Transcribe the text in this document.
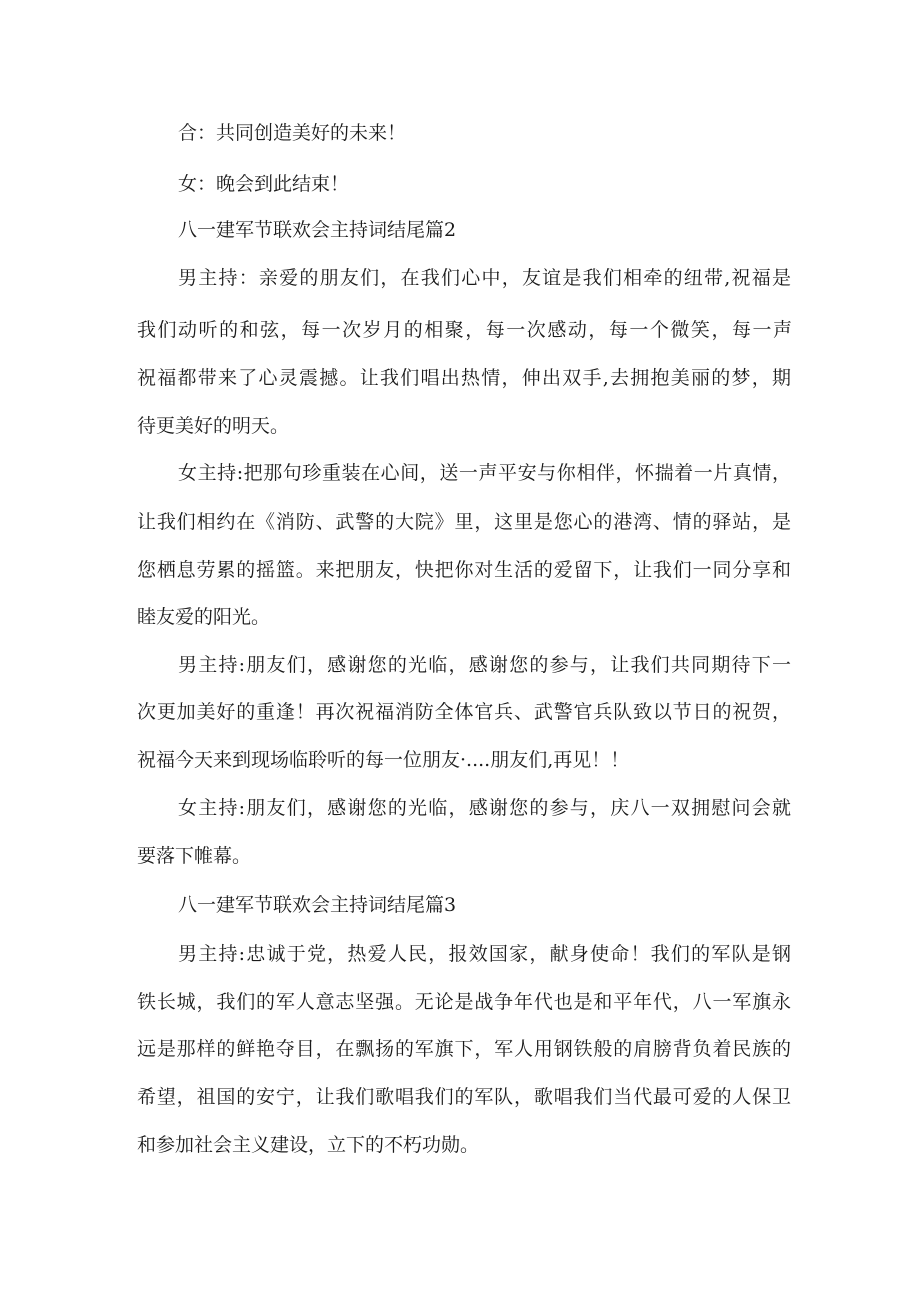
合：共同创造美好的未来！
女：晚会到此结束！
八一建军节联欢会主持词结尾篇2
男主持：亲爱的朋友们，在我们心中，友谊是我们相牵的纽带,祝福是
我们动听的和弦，每一次岁月的相聚，每一次感动，每一个微笑，每一声
祝福都带来了心灵震撼。让我们唱出热情，伸出双手,去拥抱美丽的梦，期
待更美好的明天。
女主持:把那句珍重装在心间，送一声平安与你相伴，怀揣着一片真情，
让我们相约在《消防、武警的大院》里，这里是您心的港湾、情的驿站，是
您栖息劳累的摇篮。来把朋友，快把你对生活的爱留下，让我们一同分享和
睦友爱的阳光。
男主持:朋友们，感谢您的光临，感谢您的参与，让我们共同期待下一
次更加美好的重逢！再次祝福消防全体官兵、武警官兵队致以节日的祝贺，
祝福今天来到现场临聆听的每一位朋友·....朋友们,再见！！
女主持:朋友们，感谢您的光临，感谢您的参与，庆八一双拥慰问会就
要落下帷幕。
八一建军节联欢会主持词结尾篇3
男主持:忠诚于党，热爱人民，报效国家，献身使命！我们的军队是钢
铁长城，我们的军人意志坚强。无论是战争年代也是和平年代，八一军旗永
远是那样的鲜艳夺目，在飘扬的军旗下，军人用钢铁般的肩膀背负着民族的
希望，祖国的安宁，让我们歌唱我们的军队，歌唱我们当代最可爱的人保卫
和参加社会主义建设，立下的不朽功勋。
